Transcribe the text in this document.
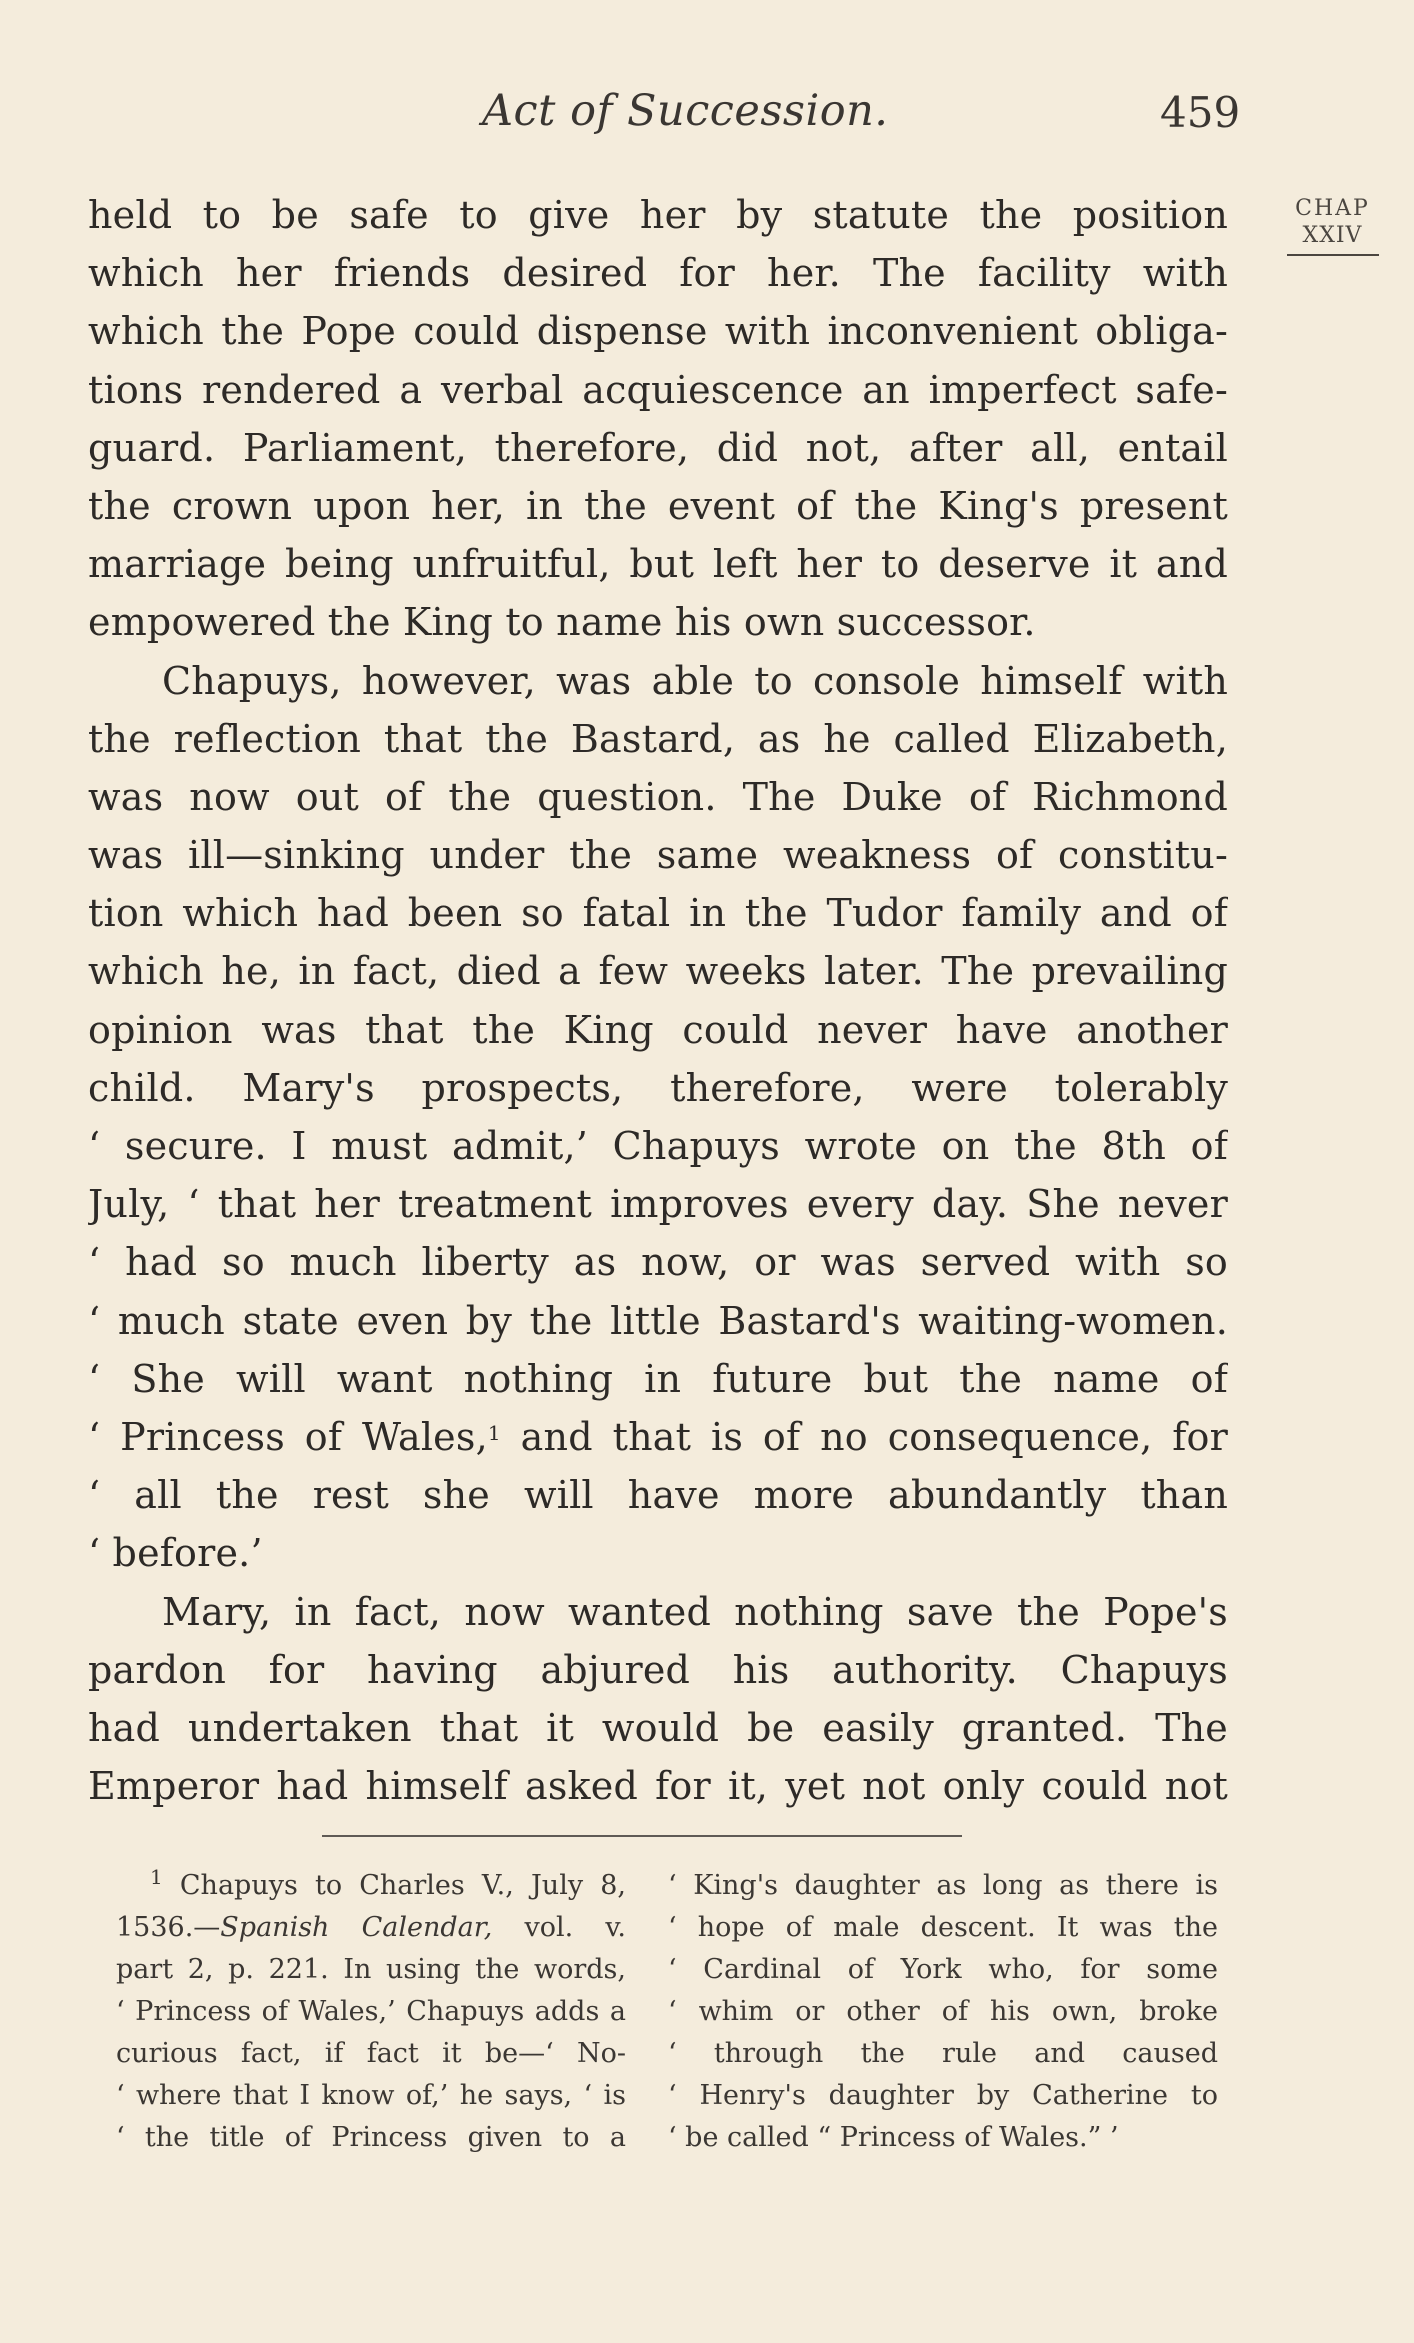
Act of Succession.	459
CHAP
XXIV
held to be safe to give her by statute the position
which her friends desired for her. The facility with
which the Pope could dispense with inconvenient obliga-
tions rendered a verbal acquiescence an imperfect safe-
guard. Parliament, therefore, did not, after all, entail
the crown upon her, in the event of the King's present
marriage being unfruitful, but left her to deserve it and
empowered the King to name his own successor.
Chapuys, however, was able to console himself with
the reflection that the Bastard, as he called Elizabeth,
was now out of the question. The Duke of Richmond
was ill—sinking under the same weakness of constitu-
tion which had been so fatal in the Tudor family and of
which he, in fact, died a few weeks later. The prevailing
opinion was that the King could never have another
child. Mary's prospects, therefore, were tolerably
‘ secure. I must admit,’ Chapuys wrote on the 8th of
July, ‘ that her treatment improves every day. She never
‘ had so much liberty as now, or was served with so
‘ much state even by the little Bastard's waiting-women.
‘ She will want nothing in future but the name of
‘ Princess of Wales,$^1$ and that is of no consequence, for
‘ all the rest she will have more abundantly than
‘ before.’
Mary, in fact, now wanted nothing save the Pope's
pardon for having abjured his authority. Chapuys
had undertaken that it would be easily granted. The
Emperor had himself asked for it, yet not only could not
$^1$ Chapuys to Charles V., July 8,
1536.—Spanish Calendar, vol. v.
part 2, p. 221. In using the words,
‘ Princess of Wales,’ Chapuys adds a
curious fact, if fact it be—‘ No-
‘ where that I know of,’ he says, ‘ is
‘ the title of Princess given to a
‘ King's daughter as long as there is
‘ hope of male descent. It was the
‘ Cardinal of York who, for some
‘ whim or other of his own, broke
‘ through the rule and caused
‘ Henry's daughter by Catherine to
‘ be called “ Princess of Wales.” ’
